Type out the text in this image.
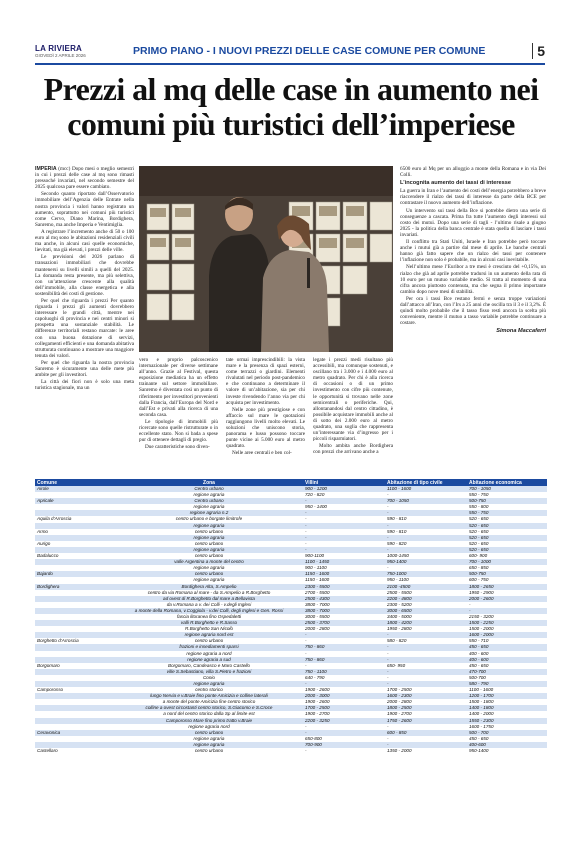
LA RIVIERA
GIOVEDÌ 2 APRILE 2026	PRIMO PIANO - I NUOVI PREZZI DELLE CASE COMUNE PER COMUNE	5
Prezzi al mq delle case in aumento nei comuni più turistici dell’imperiese

IMPERIA (mcc) Dopo mesi o meglio semestri in cui i prezzi delle case al mq sono rimasti pressoché invariati, nel secondo semestre del 2025 qualcosa pare essere cambiato.

Secondo quanto riportato dall’Osservatorio immobiliare dell’Agenzia delle Entrate nella nostra provincia i valori hanno registrato un aumento, soprattutto nei comuni più turistici come Cervo, Diano Marina, Bordighera, Sanremo, ma anche Imperia e Ventimiglia.

A registrare l’incremento anche di 50 o 100 euro al mq sono le abitazioni residenziali civili ma anche, in alcuni casi quelle economiche, lievitati, ma già elevati, i prezzi delle ville.

Le previsioni del 2026 parlano di transazioni immobiliari che dovrebbe mantenersi su livelli simili a quelli del 2025. La domanda resta presente, ma più selettiva, con un’attenzione crescente alla qualità dell’immobile, alla classe energetica e alla sostenibilità dei costi di gestione.

Per quel che riguarda i prezzi Per quanto riguarda i prezzi gli aumenti dovrebbero interessare le grandi città, mentre nei capoluoghi di provincia e nei centri minori si prospetta una sostanziale stabilità. Le differenze territoriali restano marcate: le aree con una buona dotazione di servizi, collegamenti efficienti e una domanda abitativa strutturata continuano a mostrare una maggiore tenuta dei valori.

Per quel che riguarda la nostra provincia Sanremo è sicuramente una delle mete più ambite per gli investitori.

La città dei fiori non è solo una meta turistica stagionale, ma un

vero e proprio palcoscenico internazionale per diverse settimane all’anno. Grazie al Festival, questa esposizione mediatica ha un effetto trainante sul settore immobiliare. Sanremo è diventata così un punto di riferimento per investitori provenienti dalla Francia, dall’Europa del Nord e dall’Est e privati alla ricerca di una seconda casa.

Le tipologie di immobili più ricercate sono quelle ristrutturate o in eccellente stato. Non si bada a spese pur di ottenere dettagli di pregio.

Due caratteristiche sono diven-

tate ormai imprescindibili: la vista mare e la presenza di spazi esterni, come terrazzi o giardini. Elementi rivalutati nel periodo post-pandemico e che continuano a determinare il valore di un’abitazione, sia per chi investe rivendendo l’anno via per chi acquista per investimento.

Nelle zone più prestigiose e con affaccio sul mare le quotazioni raggiungono livelli molto elevati. Le soluzioni che uniscono storia, panorama e lusso possono toccare punte vicine ai 5.000 euro al metro quadrato.

Nelle aree centrali e ben col-

legate i prezzi medi risultano più accessibili, ma comunque sostenuti, e oscillano tra i 3.000 e i 4.000 euro al metro quadrato. Per chi è alla ricerca di occasioni o di un primo investimento con cifre più contenute, le opportunità si trovano nelle zone semicentrali o periferiche. Qui, allontanandosi dal centro cittadino, è possibile acquistare immobili anche al di sotto dei 2.000 euro al metro quadrato, una soglia che rappresenta un’interessante via d’ingresso per i piccoli risparmiatori.

Molto ambita anche Bordighera con prezzi che arrivano anche a

6500 euro al Mq per un alloggio a monte della Romana e in via Dei Colli.

L’incognita aumento dei tassi di interesse

La guerra in Iran e l’aumento dei costi dell’energia potrebbero a breve riaccendere il rialzo dei tassi di interesse da parte della BCE per contrastare il nuovo aumento dell’inflazione.

Un intervento sui tassi della Bce si potrebbe dietro una serie di conseguenze a cascata. Prima fra tutte l’aumento degli interessi sul costo dei mutui. Dopo una serie di tagli - l’ultimo risale a giugno 2025 - la politica della banca centrale è stata quella di lasciare i tassi invariati.

Il conflitto tra Stati Uniti, Israele e Iran potrebbe però toccare anche i mutui già a partire dal mese di aprile. Le banche centrali hanno già fatto sapere che un rialzo dei tassi per contenere l’inflazione non solo è probabile, ma in alcuni casi inevitabile.

Nell’ultimo mese l’Euribor a tre mesi è cresciuto del +0,15%, un rialzo che già ad aprile potrebbe tradursi in un aumento della rata di 10 euro per un mutuo variabile medio. Si tratta al momento di una cifra ancora piuttosto contenuta, ma che segna il primo importante cambio dopo nove mesi di stabilità.

Per ora i tassi Bce restano fermi e senza troppe variazioni dall’attacco all’Iran, con l’Irs a 25 anni che oscilla tra il 3 e il 3,2%. È quindi molto probabile che il tasso fisso resti ancora la scelta più conveniente, mentre il mutuo a tasso variabile potrebbe continuare a costare.

Simona Maccaferri
Comune	Zona	Villini	Abitazione di tipo civile	Abitazione economica
Airole	Centro urbano	900 - 1200	1100 - 1600	700 - 1050
	regione agraria	720 - 820	-	550 - 750
Apricale	Centro urbano	-	700 - 1050	500-750
	regione agraria	950 - 1400	-	550 - 800
	regione agraria n.2	-	-	550 - 750
Aquila d’Arroscia	centro urbano e borgate limitrofe	-	590 - 810	520 - 650
	regione agraria	-	-	520 - 650
Armo	centro urbano	-	590 - 810	520 - 650
	regione agraria	-	-	520 - 650
Aurigo	centro urbano	-	590 - 820	520 - 650
	regione agraria	-	-	520 - 650
Badalucco	centro urbano	900-1100	1000-1450	600- 900
	valle Argentina a monte del centro	1100 - 1450	950-1400	700 - 1000
	regione agraria	900 - 1100	-	650 - 850
Bajardo	centro urbano	1150 - 1600	750-1000	500-750
	regione agraria	1150 - 1600	950 - 1100	600 - 750
Bordighera	Bordighera Alta, S.Ampelio	2300 - 5500	2100 -4500	1800 - 2650
	centro da via Romana al mare - da S.Ampelio a R.Borghetto	2700 - 5500	2500 - 5500	1950 - 2900
	ad ovest di R.Borghetto dal mare a Bellavista	2500 - 4300	2200 - 4800	2000 - 2600
	da v.Romana a v. dei Colli - v.degli Inglesi	3800 - 7000	2300 - 5200	-
	a monte della Romana, v.Coggiola - v.dei Colli, degli Inglesi e Gen. Rossi	3800 - 7000	3000 - 6500	-
	fascia litoranea fino Ospedaletti	3000 - 5500	3400 - 5000	2150 - 3200
	valli R.Borghetto e R.Sasso	2500 - 3700	1800 - 4200	1500 - 2250
	R.Borghetto San Nicolò	2000 - 2800	1950 - 2800	1500 - 2000
	regione agraria nord est	-	-	1600 - 2000
Borghetto d’Arroscia	centro urbano	-	580 - 820	550 - 710
	frazioni e insediamenti sparsi	750 - 860	-	450 - 650
	regione agraria a nord	-	-	400 - 600
	regione agraria a sud	750 - 860	-	400 - 600
Borgomaro	Borgomaro, Candeasco e Maro Castello	-	650- 950	450 - 650
	ville S.Sebastiano, villa S.Pietro e frazioni	750 - 1100	-	470-700
	Conio	640 - 790	-	500-700
	regione agraria	-	-	580 - 790
Camporosso	centro storico	1900 - 2600	1700 - 2500	1100 - 1600
	lungo Nervia e v.Braie fino ponte Amicizia e colline laterali	2000 - 3000	1600 - 2300	1200 - 1700
	a monte del ponte Amicizia fine centro storico	1900 - 2600	2000 - 2800	1500 - 1800
	colline a ovest circostanti centro storico, S.Giacomo e S.Croce	1700 - 2500	1800 - 2500	1400 - 1800
	a nord del centro storico dalla Sp al limite est	1900 - 2700	1900 - 2700	1400 - 2000
	Camporosso Mare fino primo tratto v.Braie	2200 - 3250	1750 - 2600	1550 - 2300
	regione agraria nord	-	-	1600 - 1750
Ceravonica	centro urbano	-	600 - 850	500 - 700
	regione agraria	650-800	-	450 - 650
	regione agraria	700-900	-	400-600
Castellaro	centro urbano	-	1350 - 2000	950-1400
